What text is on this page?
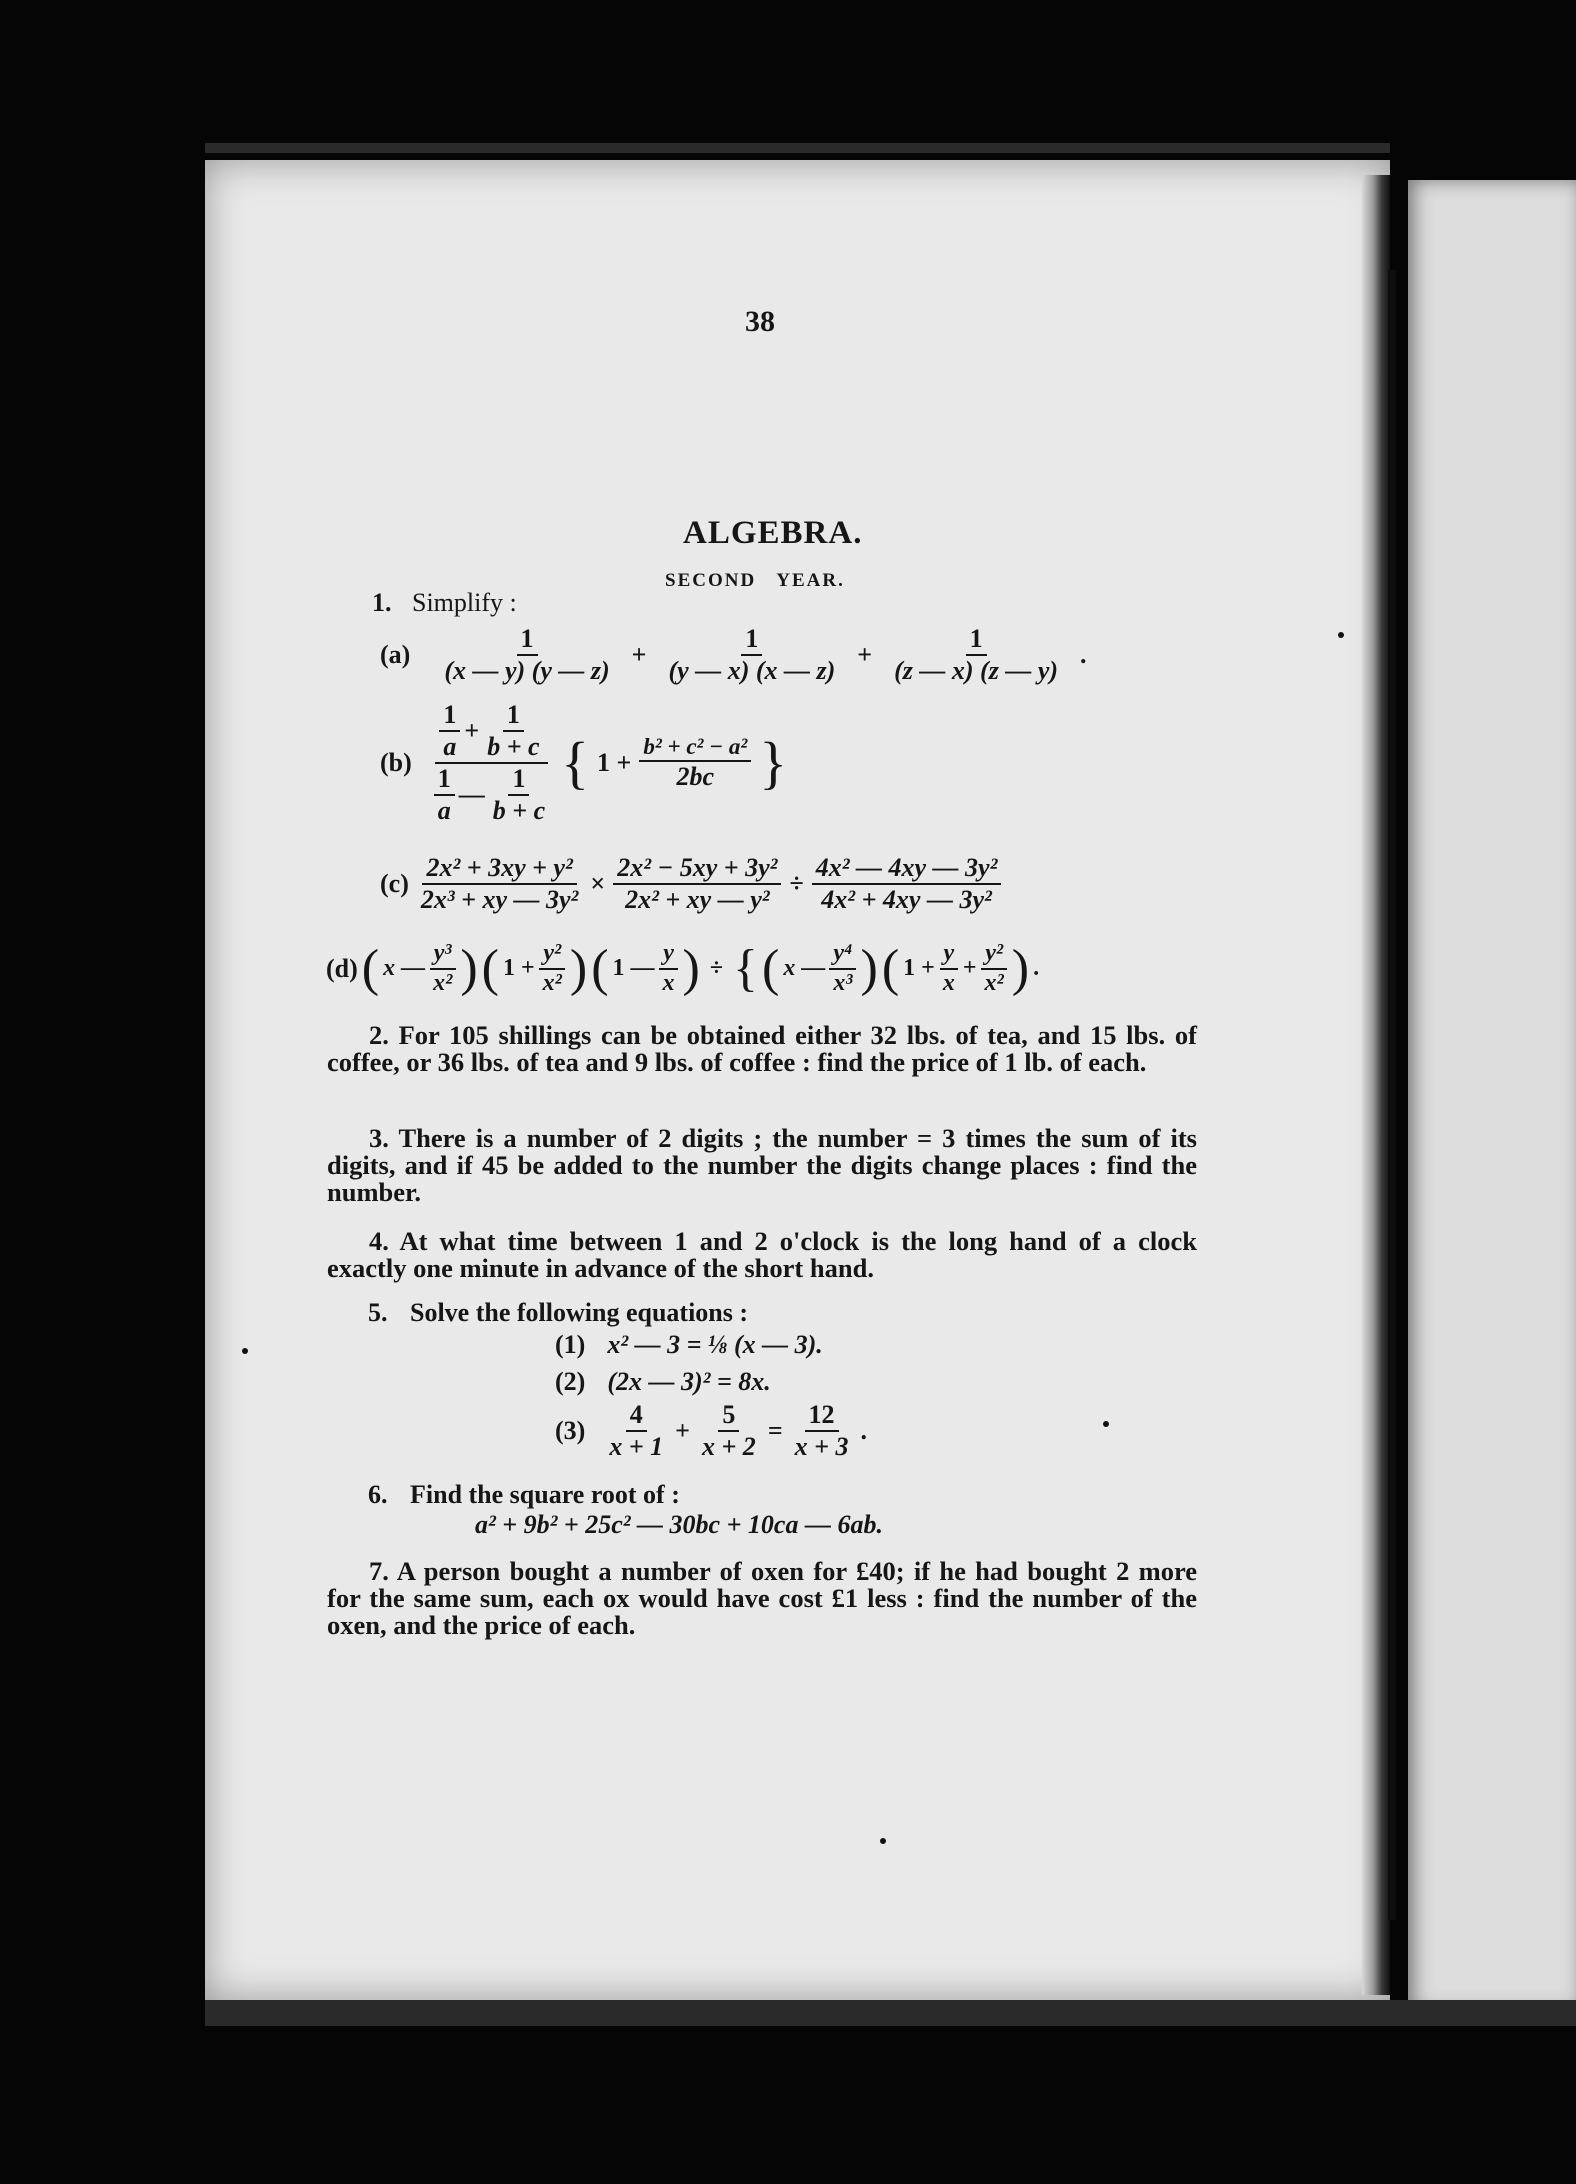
38
ALGEBRA.
SECOND YEAR.
1. Simplify :
$(a) \frac{1}{(x — y) (y — z)} + \frac{1}{(y — x) (x — z)} + \frac{1}{(z — x) (z — y)}$ .
$(b) \frac{\frac{1}{a} + \frac{1}{b + c}}{\frac{1}{a} — \frac{1}{b + c}}$ { $1 + \frac{\text{b² + c² − a²}}{2bc}$ }
$(c) \frac{\text{2x² + 3xy + y²}}{\text{2x³ + xy — 3y²}} \times \frac{\text{2x² − 5xy + 3y²}}{\text{2x² + xy — y²}} \div \frac{\text{4x² — 4xy — 3y²}}{\text{4x² + 4xy — 3y²}}$
(d) ( x — $\frac{\text{y³}}{\text{x²}}$ ) ( $1 + \frac{\text{y²}}{\text{x²}}$ ) ( 1 — $\frac{y}{x}$ ) ÷ { ( x — $\frac{\text{y⁴}}{\text{x³}}$ ) ( $1 + \frac{y}{x} + \frac{\text{y²}}{\text{x²}}$ ) .
2. For 105 shillings can be obtained either 32 lbs. of tea, and 15 lbs. of coffee, or 36 lbs. of tea and 9 lbs. of coffee : find the price of 1 lb. of each.
3. There is a number of 2 digits ; the number = 3 times the sum of its digits, and if 45 be added to the number the digits change places : find the number.
4. At what time between 1 and 2 o'clock is the long hand of a clock exactly one minute in advance of the short hand.
5. Solve the following equations :
(1) x² — 3 = ⅛ (x — 3).
(2) (2x — 3)² = 8x.
$(3) \frac{4}{x + 1} + \frac{5}{x + 2} = \frac{12}{x + 3}$ .
6. Find the square root of :
a² + 9b² + 25c² — 30bc + 10ca — 6ab.
7. A person bought a number of oxen for £40; if he had bought 2 more for the same sum, each ox would have cost £1 less : find the number of the oxen, and the price of each.
